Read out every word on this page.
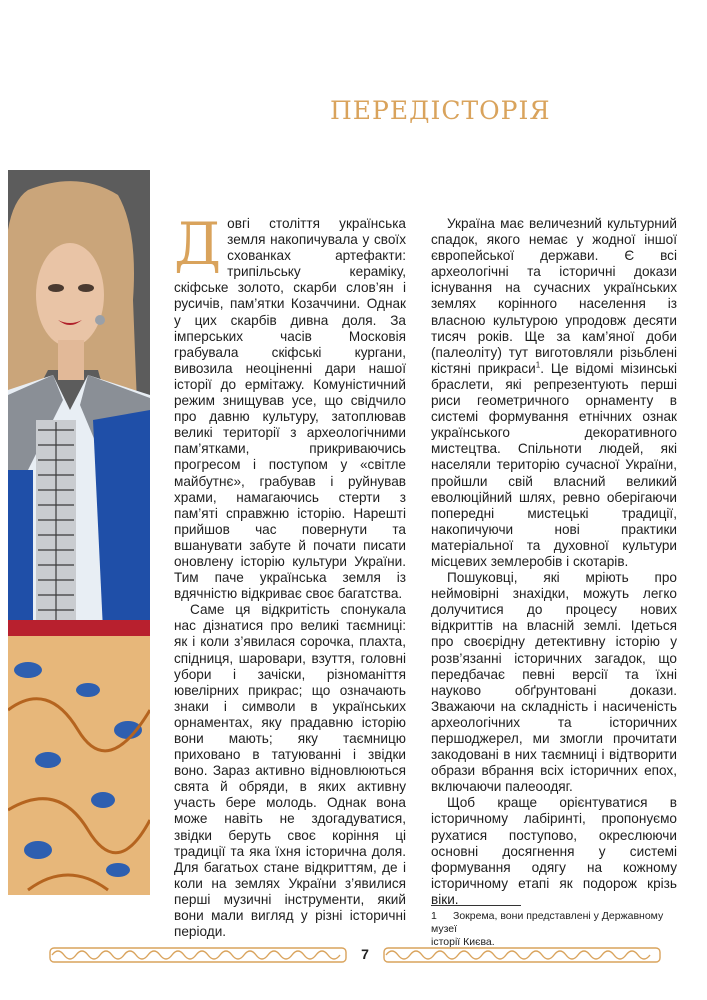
ПЕРЕДІСТОРІЯ

Довгі століття українська земля накопичувала у своїх схованках артефакти: трипільську кераміку, скіфське золото, скарби слов’ян і русичів, пам’ятки Козаччини. Однак у цих скарбів дивна доля. За імперських часів Московія грабувала скіфські кургани, вивозила неоціненні дари нашої історії до ермітажу. Комуністичний режим знищував усе, що свідчило про давню культуру, затоплював великі території з археологічними пам’ятками, прикриваючись прогресом і поступом у «світле майбутнє», грабував і руйнував храми, намагаючись стерти з пам’яті справжню історію. Нарешті прийшов час повернути та вшанувати забуте й почати писати оновлену історію культури України. Тим паче українська земля із вдячністю відкриває своє багатства.

Саме ця відкритість спонукала нас дізнатися про великі таємниці: як і коли з’явилася сорочка, плахта, спідниця, шаровари, взуття, головні убори і зачіски, різноманіття ювелірних прикрас; що означають знаки і символи в українських орнаментах, яку прадавню історію вони мають; яку таємницю приховано в татуюванні і звідки воно. Зараз активно відновлюються свята й обряди, в яких активну участь бере молодь. Однак вона може навіть не здогадуватися, звідки беруть своє коріння ці традиції та яка їхня історична доля. Для багатьох стане відкриттям, де і коли на землях України з’явилися перші музичні інструменти, який вони мали вигляд у різні історичні періоди.

Україна має величезний культурний спадок, якого немає у жодної іншої європейської держави. Є всі археологічні та історичні докази існування на сучасних українських землях корінного населення із власною культурою упродовж десяти тисяч років. Ще за кам’яної доби (палеоліту) тут виготовляли різьблені кістяні прикраси$^1$. Це відомі мізинські браслети, які репрезентують перші риси геометричного орнаменту в системі формування етнічних ознак українського декоративного мистецтва. Спільноти людей, які населяли територію сучасної України, пройшли свій власний великий еволюційний шлях, ревно оберігаючи попередні мистецькі традиції, накопичуючи нові практики матеріальної та духовної культури місцевих землеробів і скотарів.

Пошуковці, які мріють про неймовірні знахідки, можуть легко долучитися до процесу нових відкриттів на власній землі. Ідеться про своєрідну детективну історію у розв’язанні історичних загадок, що передбачає певні версії та їхні науково обґрунтовані докази. Зважаючи на складність і насиченість археологічних та історичних першоджерел, ми змогли прочитати закодовані в них таємниці і відтворити образи вбрання всіх історичних епох, включаючи палеоодяг.

Щоб краще орієнтуватися в історичному лабіринті, пропонуємо рухатися поступово, окреслюючи основні досягнення у системі формування одягу на кожному історичному етапі як подорож крізь віки.

1 Зокрема, вони представлені у Державному музеї
історії Києва.
7
